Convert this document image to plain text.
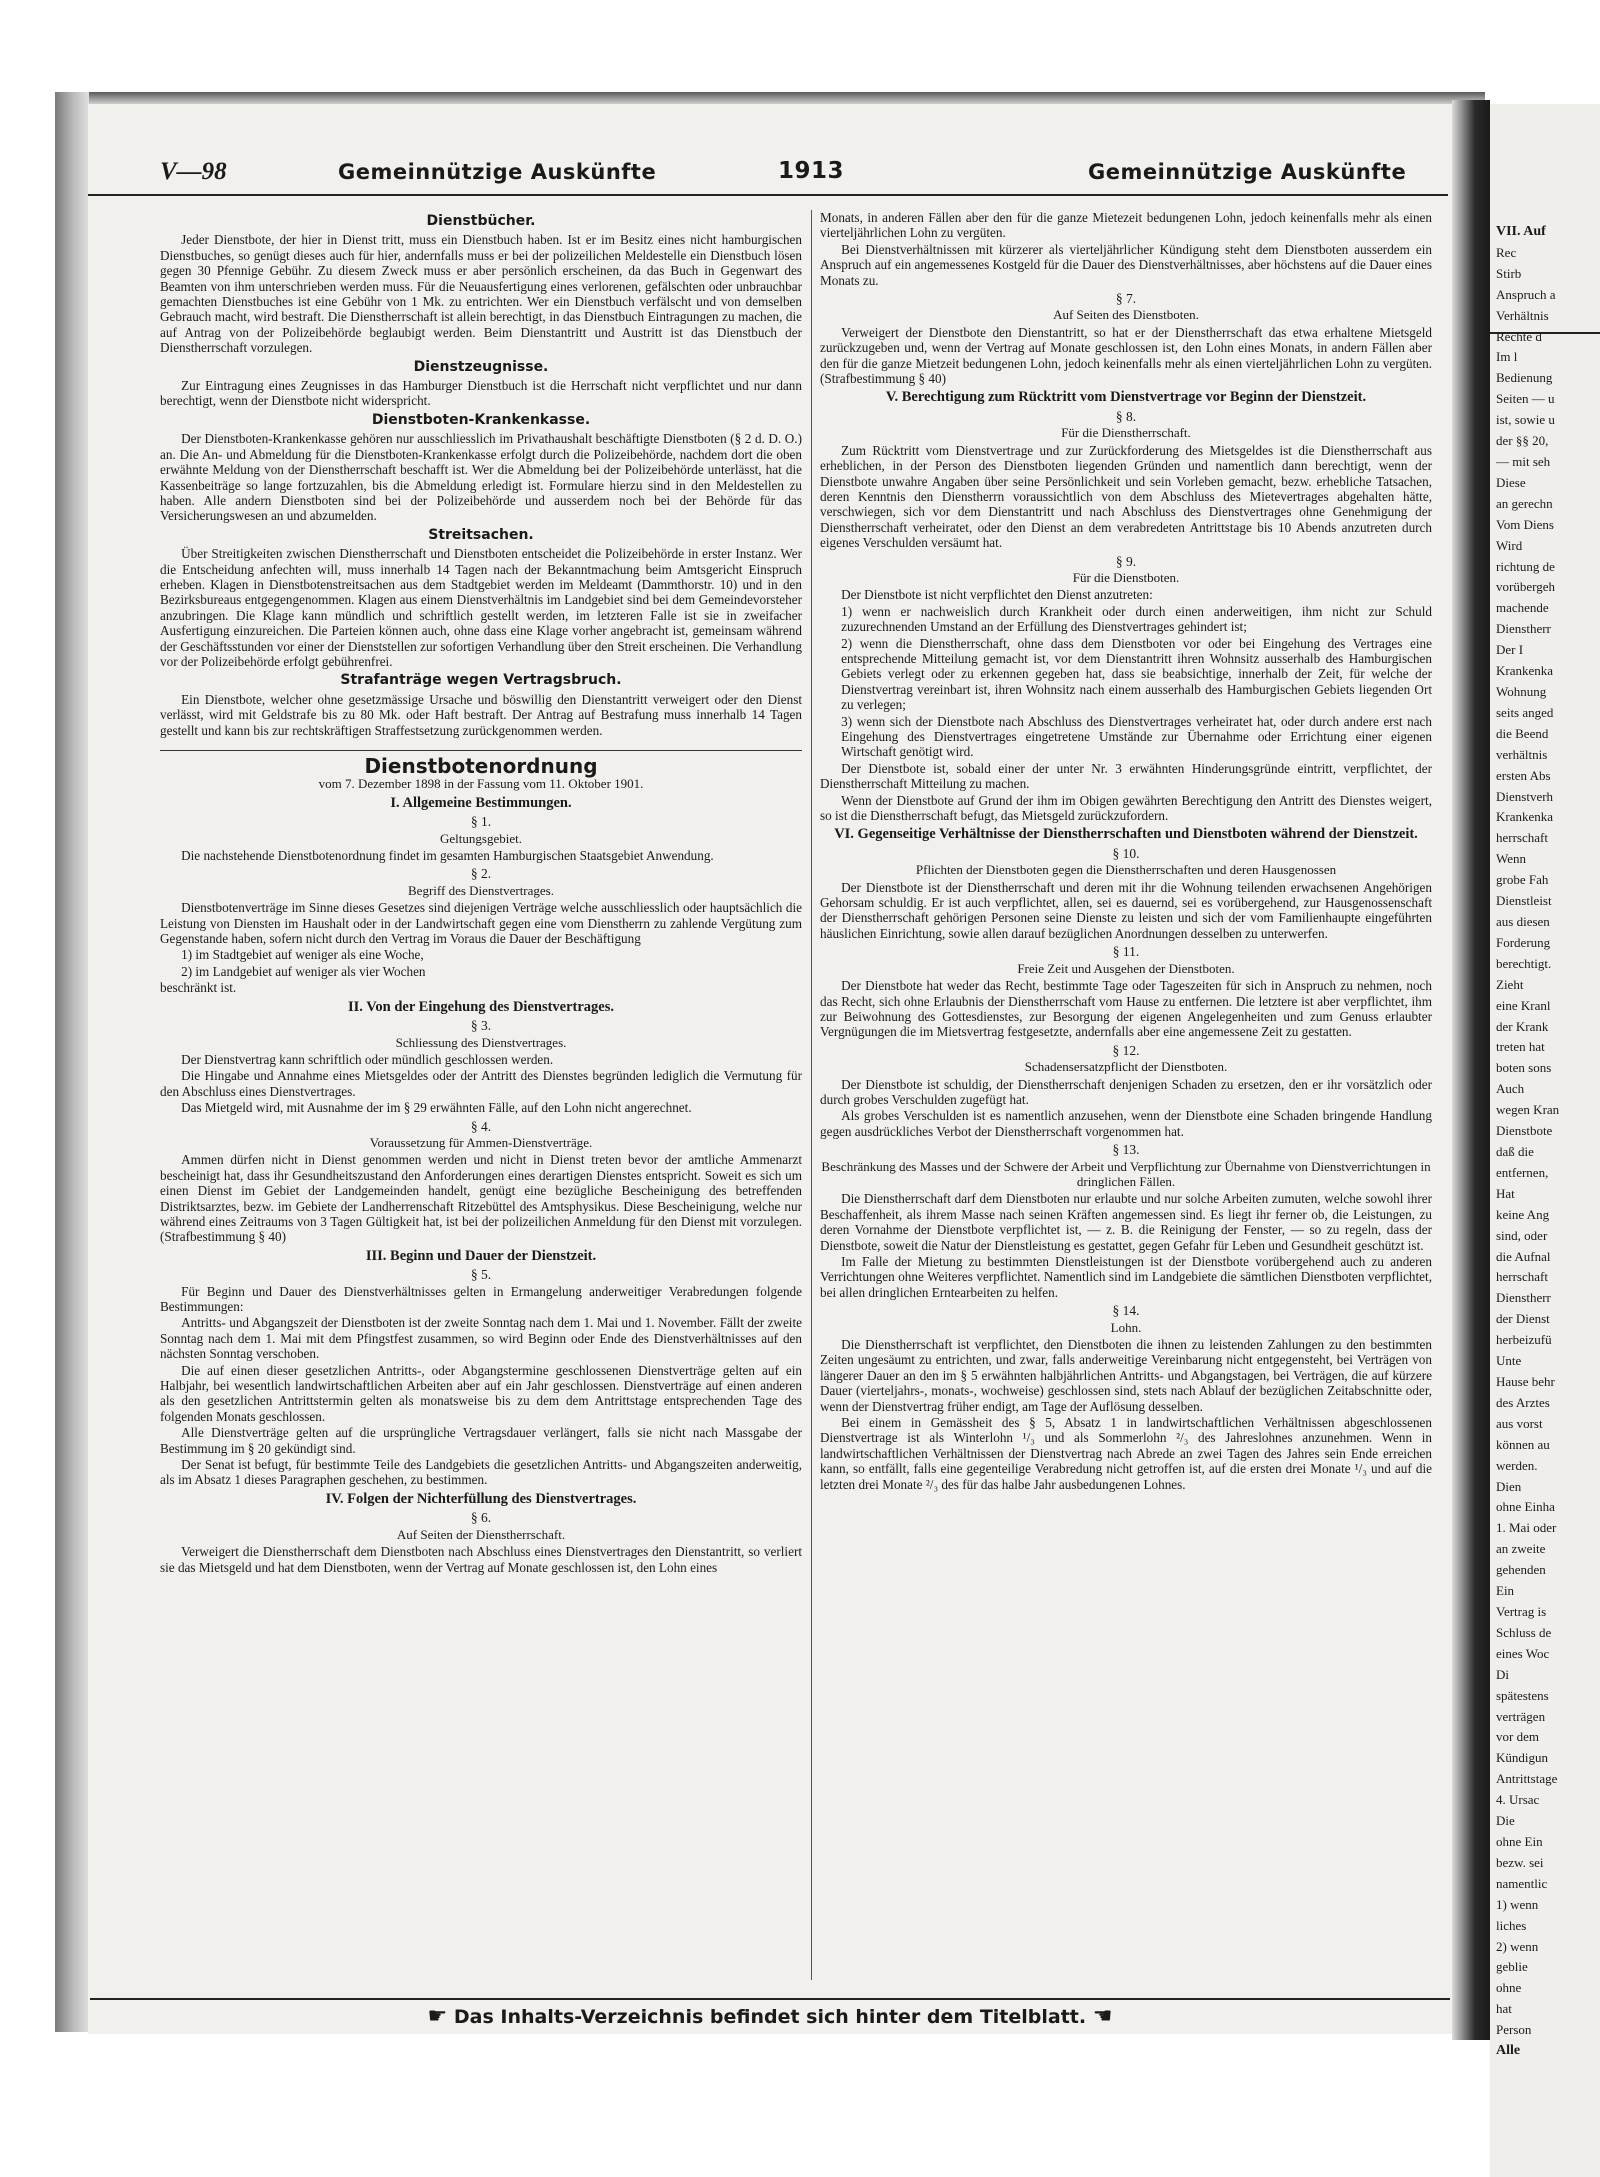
V—98	Gemeinnützige Auskünfte	1913	Gemeinnützige Auskünfte
Dienstbücher.

Jeder Dienstbote, der hier in Dienst tritt, muss ein Dienstbuch haben. Ist er im Besitz eines nicht hamburgischen Dienstbuches, so genügt dieses auch für hier, andernfalls muss er bei der polizeilichen Meldestelle ein Dienstbuch lösen gegen 30 Pfennige Gebühr. Zu diesem Zweck muss er aber persönlich erscheinen, da das Buch in Gegenwart des Beamten von ihm unterschrieben werden muss. Für die Neuausfertigung eines verlorenen, gefälschten oder unbrauchbar gemachten Dienstbuches ist eine Gebühr von 1 Mk. zu entrichten. Wer ein Dienstbuch verfälscht und von demselben Gebrauch macht, wird bestraft. Die Dienstherrschaft ist allein berechtigt, in das Dienstbuch Eintragungen zu machen, die auf Antrag von der Polizeibehörde beglaubigt werden. Beim Dienstantritt und Austritt ist das Dienstbuch der Dienstherrschaft vorzulegen.

Dienstzeugnisse.

Zur Eintragung eines Zeugnisses in das Hamburger Dienstbuch ist die Herrschaft nicht verpflichtet und nur dann berechtigt, wenn der Dienstbote nicht widerspricht.

Dienstboten-Krankenkasse.

Der Dienstboten-Krankenkasse gehören nur ausschliesslich im Privathaushalt beschäftigte Dienstboten (§ 2 d. D. O.) an. Die An- und Abmeldung für die Dienstboten-Krankenkasse erfolgt durch die Polizeibehörde, nachdem dort die oben erwähnte Meldung von der Dienstherrschaft beschafft ist. Wer die Abmeldung bei der Polizeibehörde unterlässt, hat die Kassenbeiträge so lange fortzuzahlen, bis die Abmeldung erledigt ist. Formulare hierzu sind in den Meldestellen zu haben. Alle andern Dienstboten sind bei der Polizeibehörde und ausserdem noch bei der Behörde für das Versicherungswesen an und abzumelden.

Streitsachen.

Über Streitigkeiten zwischen Dienstherrschaft und Dienstboten entscheidet die Polizeibehörde in erster Instanz. Wer die Entscheidung anfechten will, muss innerhalb 14 Tagen nach der Bekanntmachung beim Amtsgericht Einspruch erheben. Klagen in Dienstbotenstreitsachen aus dem Stadtgebiet werden im Meldeamt (Dammthorstr. 10) und in den Bezirksbureaus entgegengenommen. Klagen aus einem Dienstverhältnis im Landgebiet sind bei dem Gemeindevorsteher anzubringen. Die Klage kann mündlich und schriftlich gestellt werden, im letzteren Falle ist sie in zweifacher Ausfertigung einzureichen. Die Parteien können auch, ohne dass eine Klage vorher angebracht ist, gemeinsam während der Geschäftsstunden vor einer der Dienststellen zur sofortigen Verhandlung über den Streit erscheinen. Die Verhandlung vor der Polizeibehörde erfolgt gebührenfrei.

Strafanträge wegen Vertragsbruch.

Ein Dienstbote, welcher ohne gesetzmässige Ursache und böswillig den Dienstantritt verweigert oder den Dienst verlässt, wird mit Geldstrafe bis zu 80 Mk. oder Haft bestraft. Der Antrag auf Bestrafung muss innerhalb 14 Tagen gestellt und kann bis zur rechtskräftigen Straffestsetzung zurückgenommen werden.

Dienstbotenordnung
vom 7. Dezember 1898 in der Fassung vom 11. Oktober 1901.
I. Allgemeine Bestimmungen.
§ 1.
Geltungsgebiet.

Die nachstehende Dienstbotenordnung findet im gesamten Hamburgischen Staatsgebiet Anwendung.

§ 2.
Begriff des Dienstvertrages.

Dienstbotenverträge im Sinne dieses Gesetzes sind diejenigen Verträge welche ausschliesslich oder hauptsächlich die Leistung von Diensten im Haushalt oder in der Landwirtschaft gegen eine vom Dienstherrn zu zahlende Vergütung zum Gegenstande haben, sofern nicht durch den Vertrag im Voraus die Dauer der Beschäftigung

1) im Stadtgebiet auf weniger als eine Woche,

2) im Landgebiet auf weniger als vier Wochen

beschränkt ist.

II. Von der Eingehung des Dienstvertrages.
§ 3.
Schliessung des Dienstvertrages.

Der Dienstvertrag kann schriftlich oder mündlich geschlossen werden.

Die Hingabe und Annahme eines Mietsgeldes oder der Antritt des Dienstes begründen lediglich die Vermutung für den Abschluss eines Dienstvertrages.

Das Mietgeld wird, mit Ausnahme der im § 29 erwähnten Fälle, auf den Lohn nicht angerechnet.

§ 4.
Voraussetzung für Ammen-Dienstverträge.

Ammen dürfen nicht in Dienst genommen werden und nicht in Dienst treten bevor der amtliche Ammenarzt bescheinigt hat, dass ihr Gesundheitszustand den Anforderungen eines derartigen Dienstes entspricht. Soweit es sich um einen Dienst im Gebiet der Landgemeinden handelt, genügt eine bezügliche Bescheinigung des betreffenden Distriktsarztes, bezw. im Gebiete der Landherrenschaft Ritzebüttel des Amtsphysikus. Diese Bescheinigung, welche nur während eines Zeitraums von 3 Tagen Gültigkeit hat, ist bei der polizeilichen Anmeldung für den Dienst mit vorzulegen. (Strafbestimmung § 40)

III. Beginn und Dauer der Dienstzeit.
§ 5.

Für Beginn und Dauer des Dienstverhältnisses gelten in Ermangelung anderweitiger Verabredungen folgende Bestimmungen:

Antritts- und Abgangszeit der Dienstboten ist der zweite Sonntag nach dem 1. Mai und 1. November. Fällt der zweite Sonntag nach dem 1. Mai mit dem Pfingstfest zusammen, so wird Beginn oder Ende des Dienstverhältnisses auf den nächsten Sonntag verschoben.

Die auf einen dieser gesetzlichen Antritts-, oder Abgangstermine geschlossenen Dienstverträge gelten auf ein Halbjahr, bei wesentlich landwirtschaftlichen Arbeiten aber auf ein Jahr geschlossen. Dienstverträge auf einen anderen als den gesetzlichen Antrittstermin gelten als monatsweise bis zu dem dem Antrittstage entsprechenden Tage des folgenden Monats geschlossen.

Alle Dienstverträge gelten auf die ursprüngliche Vertragsdauer verlängert, falls sie nicht nach Massgabe der Bestimmung im § 20 gekündigt sind.

Der Senat ist befugt, für bestimmte Teile des Landgebiets die gesetzlichen Antritts- und Abgangszeiten anderweitig, als im Absatz 1 dieses Paragraphen geschehen, zu bestimmen.

IV. Folgen der Nichterfüllung des Dienstvertrages.
§ 6.
Auf Seiten der Dienstherrschaft.

Verweigert die Dienstherrschaft dem Dienstboten nach Abschluss eines Dienstvertrages den Dienstantritt, so verliert sie das Mietsgeld und hat dem Dienstboten, wenn der Vertrag auf Monate geschlossen ist, den Lohn eines

Monats, in anderen Fällen aber den für die ganze Mietezeit bedungenen Lohn, jedoch keinenfalls mehr als einen vierteljährlichen Lohn zu vergüten.

Bei Dienstverhältnissen mit kürzerer als vierteljährlicher Kündigung steht dem Dienstboten ausserdem ein Anspruch auf ein angemessenes Kostgeld für die Dauer des Dienstverhältnisses, aber höchstens auf die Dauer eines Monats zu.

§ 7.
Auf Seiten des Dienstboten.

Verweigert der Dienstbote den Dienstantritt, so hat er der Dienstherrschaft das etwa erhaltene Mietsgeld zurückzugeben und, wenn der Vertrag auf Monate geschlossen ist, den Lohn eines Monats, in andern Fällen aber den für die ganze Mietzeit bedungenen Lohn, jedoch keinenfalls mehr als einen vierteljährlichen Lohn zu vergüten. (Strafbestimmung § 40)

V. Berechtigung zum Rücktritt vom Dienstvertrage vor Beginn der Dienstzeit.
§ 8.
Für die Dienstherrschaft.

Zum Rücktritt vom Dienstvertrage und zur Zurückforderung des Mietsgeldes ist die Dienstherrschaft aus erheblichen, in der Person des Dienstboten liegenden Gründen und namentlich dann berechtigt, wenn der Dienstbote unwahre Angaben über seine Persönlichkeit und sein Vorleben gemacht, bezw. erhebliche Tatsachen, deren Kenntnis den Dienstherrn voraussichtlich von dem Abschluss des Mietevertrages abgehalten hätte, verschwiegen, sich vor dem Dienstantritt und nach Abschluss des Dienstvertrages ohne Genehmigung der Dienstherrschaft verheiratet, oder den Dienst an dem verabredeten Antrittstage bis 10 Abends anzutreten durch eigenes Verschulden versäumt hat.

§ 9.
Für die Dienstboten.

Der Dienstbote ist nicht verpflichtet den Dienst anzutreten:

1) wenn er nachweislich durch Krankheit oder durch einen anderweitigen, ihm nicht zur Schuld zuzurechnenden Umstand an der Erfüllung des Dienstvertrages gehindert ist;

2) wenn die Dienstherrschaft, ohne dass dem Dienstboten vor oder bei Eingehung des Vertrages eine entsprechende Mitteilung gemacht ist, vor dem Dienstantritt ihren Wohnsitz ausserhalb des Hamburgischen Gebiets verlegt oder zu erkennen gegeben hat, dass sie beabsichtige, innerhalb der Zeit, für welche der Dienstvertrag vereinbart ist, ihren Wohnsitz nach einem ausserhalb des Hamburgischen Gebiets liegenden Ort zu verlegen;

3) wenn sich der Dienstbote nach Abschluss des Dienstvertrages verheiratet hat, oder durch andere erst nach Eingehung des Dienstvertrages eingetretene Umstände zur Übernahme oder Errichtung einer eigenen Wirtschaft genötigt wird.

Der Dienstbote ist, sobald einer der unter Nr. 3 erwähnten Hinderungsgründe eintritt, verpflichtet, der Dienstherrschaft Mitteilung zu machen.

Wenn der Dienstbote auf Grund der ihm im Obigen gewährten Berechtigung den Antritt des Dienstes weigert, so ist die Dienstherrschaft befugt, das Mietsgeld zurückzufordern.

VI. Gegenseitige Verhältnisse der Dienstherrschaften und Dienstboten während der Dienstzeit.
§ 10.
Pflichten der Dienstboten gegen die Dienstherrschaften und deren Hausgenossen

Der Dienstbote ist der Dienstherrschaft und deren mit ihr die Wohnung teilenden erwachsenen Angehörigen Gehorsam schuldig. Er ist auch verpflichtet, allen, sei es dauernd, sei es vorübergehend, zur Hausgenossenschaft der Dienstherrschaft gehörigen Personen seine Dienste zu leisten und sich der vom Familienhaupte eingeführten häuslichen Einrichtung, sowie allen darauf bezüglichen Anordnungen desselben zu unterwerfen.

§ 11.
Freie Zeit und Ausgehen der Dienstboten.

Der Dienstbote hat weder das Recht, bestimmte Tage oder Tageszeiten für sich in Anspruch zu nehmen, noch das Recht, sich ohne Erlaubnis der Dienstherrschaft vom Hause zu entfernen. Die letztere ist aber verpflichtet, ihm zur Beiwohnung des Gottesdienstes, zur Besorgung der eigenen Angelegenheiten und zum Genuss erlaubter Vergnügungen die im Mietsvertrag festgesetzte, andernfalls aber eine angemessene Zeit zu gestatten.

§ 12.
Schadensersatzpflicht der Dienstboten.

Der Dienstbote ist schuldig, der Dienstherrschaft denjenigen Schaden zu ersetzen, den er ihr vorsätzlich oder durch grobes Verschulden zugefügt hat.

Als grobes Verschulden ist es namentlich anzusehen, wenn der Dienstbote eine Schaden bringende Handlung gegen ausdrückliches Verbot der Dienstherrschaft vorgenommen hat.

§ 13.
Beschränkung des Masses und der Schwere der Arbeit und Verpflichtung zur Übernahme von Dienstverrichtungen in dringlichen Fällen.

Die Dienstherrschaft darf dem Dienstboten nur erlaubte und nur solche Arbeiten zumuten, welche sowohl ihrer Beschaffenheit, als ihrem Masse nach seinen Kräften angemessen sind. Es liegt ihr ferner ob, die Leistungen, zu deren Vornahme der Dienstbote verpflichtet ist, — z. B. die Reinigung der Fenster, — so zu regeln, dass der Dienstbote, soweit die Natur der Dienstleistung es gestattet, gegen Gefahr für Leben und Gesundheit geschützt ist.

Im Falle der Mietung zu bestimmten Dienstleistungen ist der Dienstbote vorübergehend auch zu anderen Verrichtungen ohne Weiteres verpflichtet. Namentlich sind im Landgebiete die sämtlichen Dienstboten verpflichtet, bei allen dringlichen Erntearbeiten zu helfen.

§ 14.
Lohn.

Die Dienstherrschaft ist verpflichtet, den Dienstboten die ihnen zu leistenden Zahlungen zu den bestimmten Zeiten ungesäumt zu entrichten, und zwar, falls anderweitige Vereinbarung nicht entgegensteht, bei Verträgen von längerer Dauer an den im § 5 erwähnten halbjährlichen Antritts- und Abgangstagen, bei Verträgen, die auf kürzere Dauer (vierteljahrs-, monats-, wochweise) geschlossen sind, stets nach Ablauf der bezüglichen Zeitabschnitte oder, wenn der Dienstvertrag früher endigt, am Tage der Auflösung desselben.

Bei einem in Gemässheit des § 5, Absatz 1 in landwirtschaftlichen Verhältnissen abgeschlossenen Dienstvertrage ist als Winterlohn ¹/₃ und als Sommerlohn ²/₃ des Jahreslohnes anzunehmen. Wenn in landwirtschaftlichen Verhältnissen der Dienstvertrag nach Abrede an zwei Tagen des Jahres sein Ende erreichen kann, so entfällt, falls eine gegenteilige Verabredung nicht getroffen ist, auf die ersten drei Monate ¹/₃ und auf die letzten drei Monate ²/₃ des für das halbe Jahr ausbedungenen Lohnes.

☛ Das Inhalts-Verzeichnis befindet sich hinter dem Titelblatt. ☚
VII. Auf
Rec
Stirb
Anspruch a
Verhältnis
Rechte d
Im l
Bedienung
Seiten — u
ist, sowie u
der §§ 20,
— mit seh
Diese
an gerechn
Vom Diens
Wird
richtung de
vorübergeh
machende
Dienstherr
Der I
Krankenka
Wohnung
seits anged
die Beend
verhältnis
ersten Abs
Dienstverh
Krankenka
herrschaft
Wenn
grobe Fah
Dienstleist
aus diesen
Forderung
berechtigt.
Zieht
eine Kranl
der Krank
treten hat
boten sons
Auch
wegen Kran
Dienstbote
daß die
entfernen,
Hat
keine Ang
sind, oder
die Aufnal
herrschaft
Dienstherr
der Dienst
herbeizufü
Unte
Hause behr
des Arztes
aus vorst
können au
werden.
Dien
ohne Einha
1. Mai oder
an zweite
gehenden
Ein
Vertrag is
Schluss de
eines Woc
Di
spätestens
verträgen
vor dem
Kündigun
Antrittstage
4. Ursac
Die
ohne Ein
bezw. sei
namentlic
1) wenn
liches
2) wenn
geblie
ohne
hat
Person
Alle
